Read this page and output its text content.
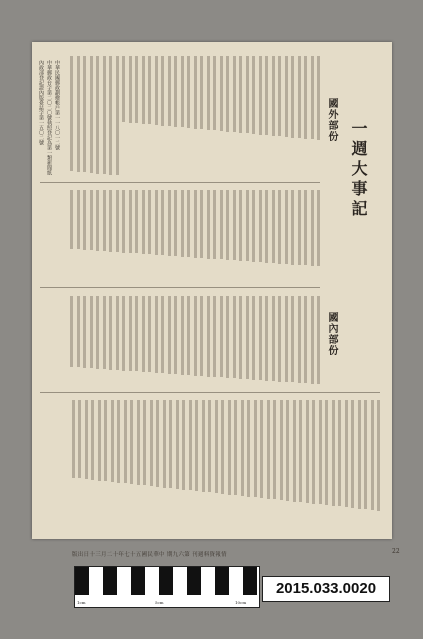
一週大事記
國外部份
國內部份
內政部登記證內版臺誌字第一五〇二號 中華郵政台字第二〇二〇號執照登記為第一類新聞紙 中華民國郵政劃撥帳戶第一一八〇一二號
版出日十三月二十年七十五國民華中 期九六第 刊週料資報情	22
1cm	5cm	10cm
2015.033.0020
